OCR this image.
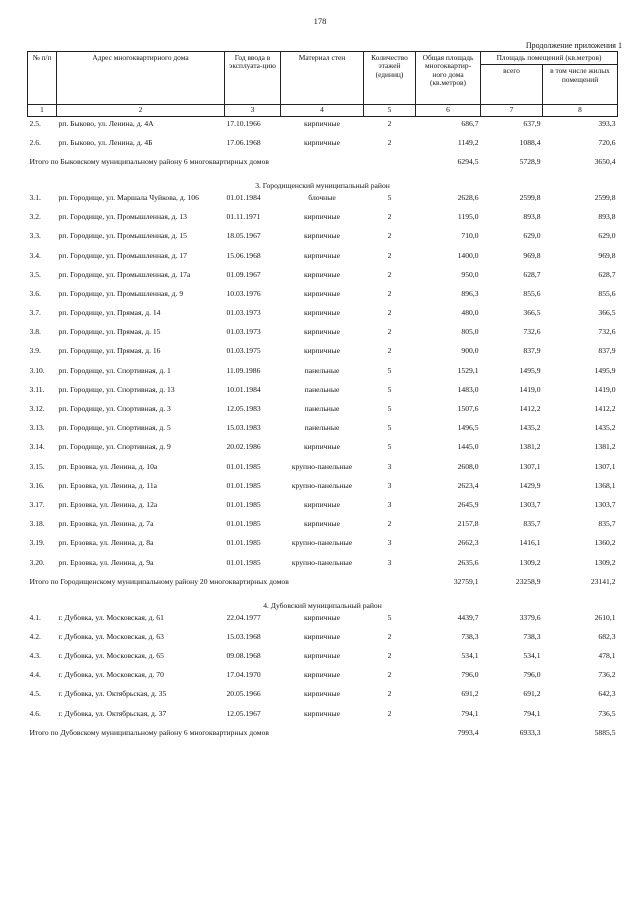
178
Продолжение приложения 1
№ п/п	Адрес многоквартирного дома	Год ввода в эксплуата-цию	Материал стен	Количество этажей (единиц)	Общая площадь многоквартир-ного дома (кв.метров)	Площадь помещений (кв.метров)	
						всего	в том числе жилых помещений
1	2	3	4	5	6	7	8

2.5.	рп. Быково, ул. Ленина, д. 4А	17.10.1966	кирпичные	2	686,7	637,9	393,3
2.6.	рп. Быково, ул. Ленина, д. 4Б	17.06.1968	кирпичные	2	1149,2	1088,4	720,6
Итого по Быковскому муниципальному району 6 многоквартирных домов					6294,5	5728,9	3650,4
3. Городищенский муниципальный район							
3.1.	рп. Городище, ул. Маршала Чуйкова, д. 106	01.01.1984	блочные	5	2628,6	2599,8	2599,8
3.2.	рп. Городище, ул. Промышленная, д. 13	01.11.1971	кирпичные	2	1195,0	893,8	893,8
3.3.	рп. Городище, ул. Промышленная, д. 15	18.05.1967	кирпичные	2	710,0	629,0	629,0
3.4.	рп. Городище, ул. Промышленная, д. 17	15.06.1968	кирпичные	2	1400,0	969,8	969,8
3.5.	рп. Городище, ул. Промышленная, д. 17а	01.09.1967	кирпичные	2	950,0	628,7	628,7
3.6.	рп. Городище, ул. Промышленная, д. 9	10.03.1976	кирпичные	2	896,3	855,6	855,6
3.7.	рп. Городище, ул. Прямая, д. 14	01.03.1973	кирпичные	2	480,0	366,5	366,5
3.8.	рп. Городище, ул. Прямая, д. 15	01.03.1973	кирпичные	2	805,0	732,6	732,6
3.9.	рп. Городище, ул. Прямая, д. 16	01.03.1975	кирпичные	2	900,0	837,9	837,9
3.10.	рп. Городище, ул. Спортивная, д. 1	11.09.1986	панельные	5	1529,1	1495,9	1495,9
3.11.	рп. Городище, ул. Спортивная, д. 13	10.01.1984	панельные	5	1483,0	1419,0	1419,0
3.12.	рп. Городище, ул. Спортивная, д. 3	12.05.1983	панельные	5	1507,6	1412,2	1412,2
3.13.	рп. Городище, ул. Спортивная, д. 5	15.03.1983	панельные	5	1496,5	1435,2	1435,2
3.14.	рп. Городище, ул. Спортивная, д. 9	20.02.1986	кирпичные	5	1445,0	1381,2	1381,2
3.15.	рп. Ерзовка, ул. Ленина, д. 10а	01.01.1985	крупно-панельные	3	2608,0	1307,1	1307,1
3.16.	рп. Ерзовка, ул. Ленина, д. 11а	01.01.1985	крупно-панельные	3	2623,4	1429,9	1368,1
3.17.	рп. Ерзовка, ул. Ленина, д. 12а	01.01.1985	кирпичные	3	2645,9	1303,7	1303,7
3.18.	рп. Ерзовка, ул. Ленина, д. 7а	01.01.1985	кирпичные	2	2157,8	835,7	835,7
3.19.	рп. Ерзовка, ул. Ленина, д. 8а	01.01.1985	крупно-панельные	3	2662,3	1416,1	1360,2
3.20.	рп. Ерзовка, ул. Ленина, д. 9а	01.01.1985	крупно-панельные	3	2635,6	1309,2	1309,2
Итого по Городищенскому муниципальному району 20 многоквартирных домов					32759,1	23258,9	23141,2
4. Дубовский муниципальный район							
4.1.	г. Дубовка, ул. Московская, д. 61	22.04.1977	кирпичные	5	4439,7	3379,6	2610,1
4.2.	г. Дубовка, ул. Московская, д. 63	15.03.1968	кирпичные	2	738,3	738,3	682,3
4.3.	г. Дубовка, ул. Московская, д. 65	09.08.1968	кирпичные	2	534,1	534,1	478,1
4.4.	г. Дубовка, ул. Московская, д. 70	17.04.1970	кирпичные	2	796,0	796,0	736,2
4.5.	г. Дубовка, ул. Октябрьская, д. 35	20.05.1966	кирпичные	2	691,2	691,2	642,3
4.6.	г. Дубовка, ул. Октябрьская, д. 37	12.05.1967	кирпичные	2	794,1	794,1	736,5
Итого по Дубовскому муниципальному району 6 многоквартирных домов					7993,4	6933,3	5885,5
